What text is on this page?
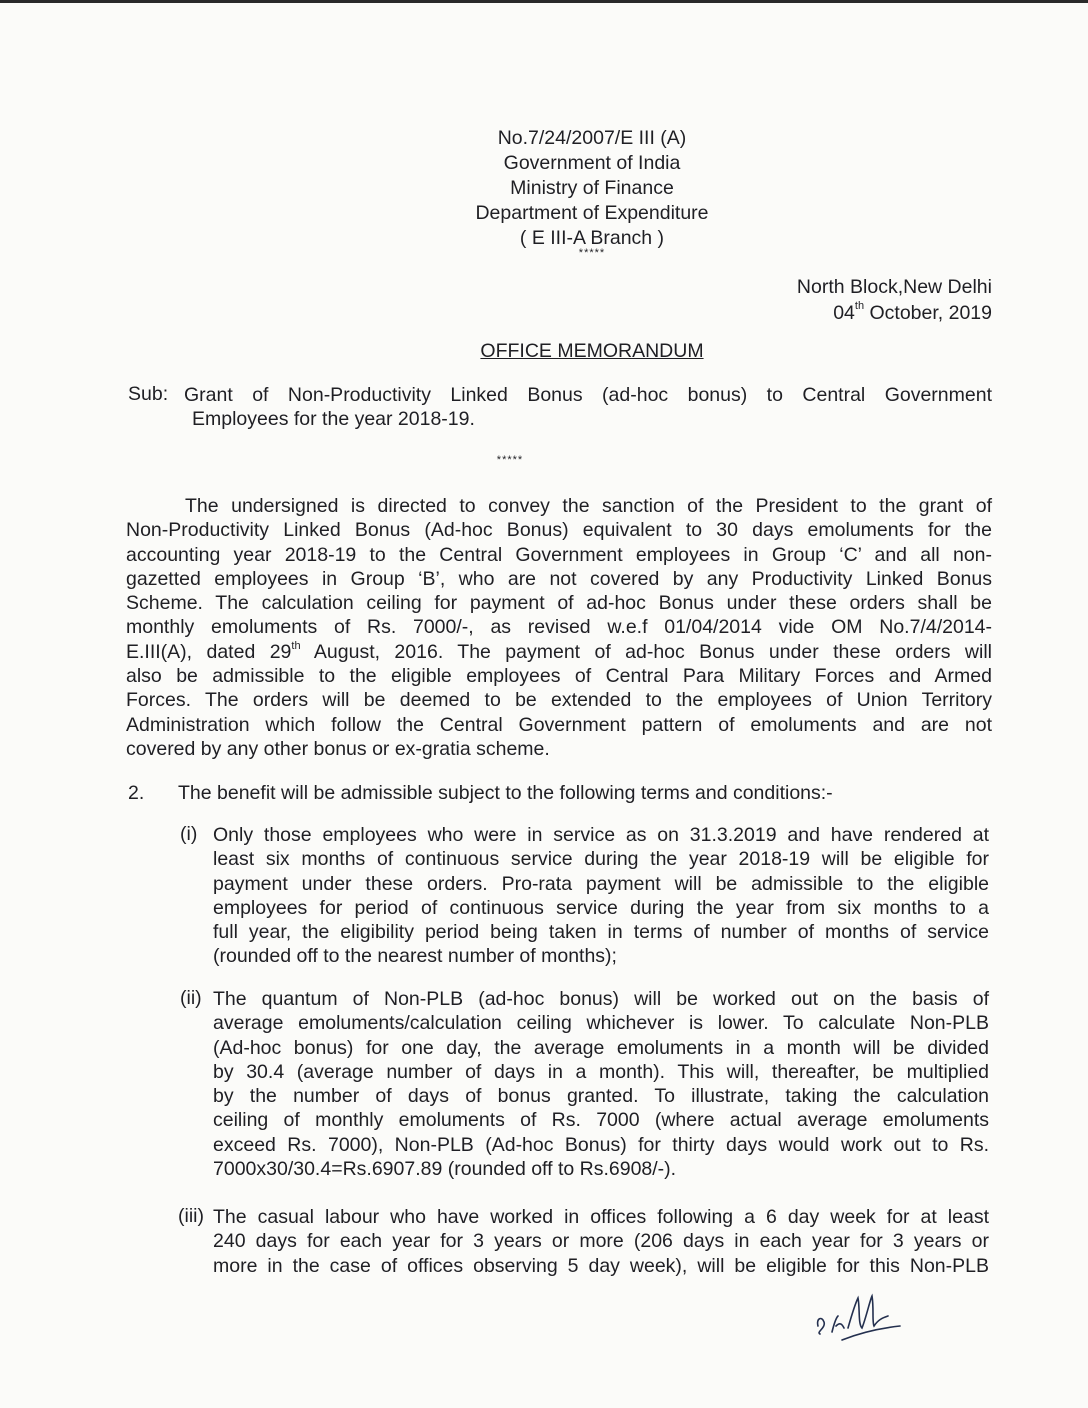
No.7/24/2007/E III (A)
Government of India
Ministry of Finance
Department of Expenditure
( E III-A Branch )
*****
North Block,New Delhi
04th October, 2019
OFFICE MEMORANDUM
Sub: Grant of Non-Productivity Linked Bonus (ad-hoc bonus) to Central Government
Employees for the year 2018-19.
*****
The undersigned is directed to convey the sanction of the President to the grant of
Non-Productivity Linked Bonus (Ad-hoc Bonus) equivalent to 30 days emoluments for the
accounting year 2018-19 to the Central Government employees in Group ‘C’ and all non-
gazetted employees in Group ‘B’, who are not covered by any Productivity Linked Bonus
Scheme. The calculation ceiling for payment of ad-hoc Bonus under these orders shall be
monthly emoluments of Rs. 7000/-, as revised w.e.f 01/04/2014 vide OM No.7/4/2014-
E.III(A), dated 29th August, 2016. The payment of ad-hoc Bonus under these orders will
also be admissible to the eligible employees of Central Para Military Forces and Armed
Forces. The orders will be deemed to be extended to the employees of Union Territory
Administration which follow the Central Government pattern of emoluments and are not
covered by any other bonus or ex-gratia scheme.
2. The benefit will be admissible subject to the following terms and conditions:-
(i) Only those employees who were in service as on 31.3.2019 and have rendered at
least six months of continuous service during the year 2018-19 will be eligible for
payment under these orders. Pro-rata payment will be admissible to the eligible
employees for period of continuous service during the year from six months to a
full year, the eligibility period being taken in terms of number of months of service
(rounded off to the nearest number of months);
(ii) The quantum of Non-PLB (ad-hoc bonus) will be worked out on the basis of
average emoluments/calculation ceiling whichever is lower. To calculate Non-PLB
(Ad-hoc bonus) for one day, the average emoluments in a month will be divided
by 30.4 (average number of days in a month). This will, thereafter, be multiplied
by the number of days of bonus granted. To illustrate, taking the calculation
ceiling of monthly emoluments of Rs. 7000 (where actual average emoluments
exceed Rs. 7000), Non-PLB (Ad-hoc Bonus) for thirty days would work out to Rs.
7000x30/30.4=Rs.6907.89 (rounded off to Rs.6908/-).
(iii) The casual labour who have worked in offices following a 6 day week for at least
240 days for each year for 3 years or more (206 days in each year for 3 years or
more in the case of offices observing 5 day week), will be eligible for this Non-PLB
